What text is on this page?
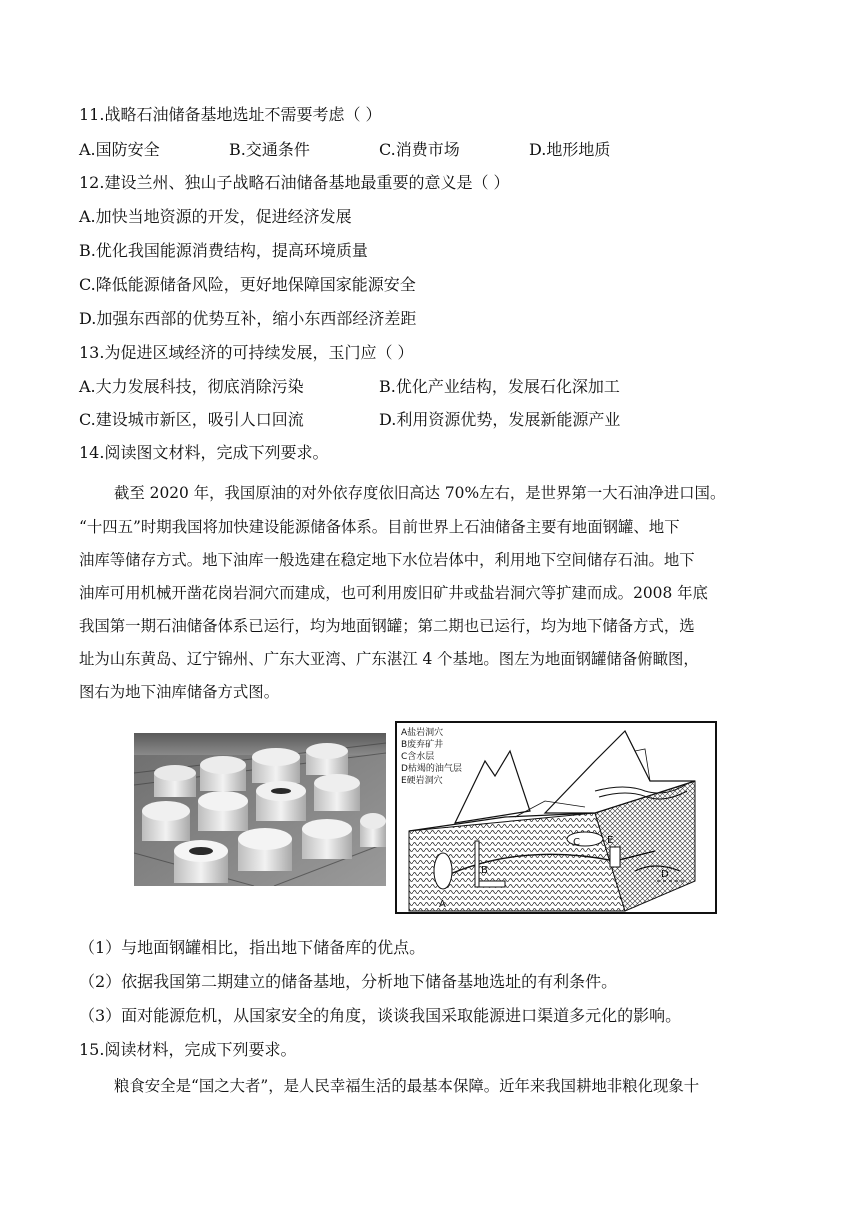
11.战略石油储备基地选址不需要考虑（ ）
A.国防安全	B.交通条件	C.消费市场	D.地形地质
12.建设兰州、独山子战略石油储备基地最重要的意义是（ ）
A.加快当地资源的开发，促进经济发展
B.优化我国能源消费结构，提高环境质量
C.降低能源储备风险，更好地保障国家能源安全
D.加强东西部的优势互补，缩小东西部经济差距
13.为促进区域经济的可持续发展，玉门应（ ）
A.大力发展科技，彻底消除污染	B.优化产业结构，发展石化深加工
C.建设城市新区，吸引人口回流	D.利用资源优势，发展新能源产业
14.阅读图文材料，完成下列要求。
截至 2020 年，我国原油的对外依存度依旧高达 70%左右，是世界第一大石油净进口国。
“十四五”时期我国将加快建设能源储备体系。目前世界上石油储备主要有地面钢罐、地下
油库等储存方式。地下油库一般选建在稳定地下水位岩体中，利用地下空间储存石油。地下
油库可用机械开凿花岗岩洞穴而建成，也可利用废旧矿井或盐岩洞穴等扩建而成。2008 年底
我国第一期石油储备体系已运行，均为地面钢罐；第二期也已运行，均为地下储备方式，选
址为山东黄岛、辽宁锦州、广东大亚湾、广东湛江 4 个基地。图左为地面钢罐储备俯瞰图，
图右为地下油库储备方式图。
A盐岩洞穴
B废弃矿井
C含水层
D枯竭的油气层
E硬岩洞穴
A
B
C
D
E
（1）与地面钢罐相比，指出地下储备库的优点。
（2）依据我国第二期建立的储备基地，分析地下储备基地选址的有利条件。
（3）面对能源危机，从国家安全的角度，谈谈我国采取能源进口渠道多元化的影响。
15.阅读材料，完成下列要求。
粮食安全是“国之大者”，是人民幸福生活的最基本保障。近年来我国耕地非粮化现象十
